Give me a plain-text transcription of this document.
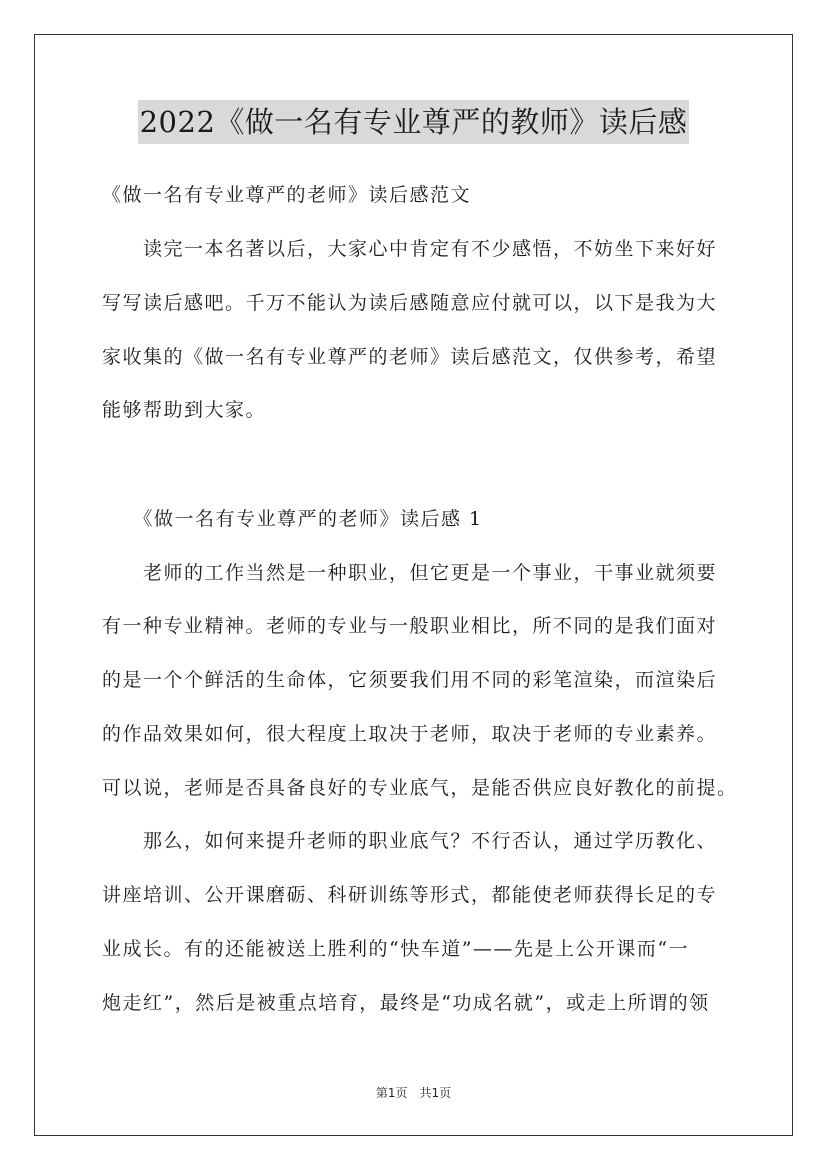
2022《做一名有专业尊严的教师》读后感
《做一名有专业尊严的老师》读后感范文
　　读完一本名著以后，大家心中肯定有不少感悟，不妨坐下来好好
写写读后感吧。千万不能认为读后感随意应付就可以，以下是我为大
家收集的《做一名有专业尊严的老师》读后感范文，仅供参考，希望
能够帮助到大家。
　　《做一名有专业尊严的老师》读后感 1
　　老师的工作当然是一种职业，但它更是一个事业，干事业就须要
有一种专业精神。老师的专业与一般职业相比，所不同的是我们面对
的是一个个鲜活的生命体，它须要我们用不同的彩笔渲染，而渲染后
的作品效果如何，很大程度上取决于老师，取决于老师的专业素养。
可以说，老师是否具备良好的专业底气，是能否供应良好教化的前提。
　　那么，如何来提升老师的职业底气？不行否认，通过学历教化、
讲座培训、公开课磨砺、科研训练等形式，都能使老师获得长足的专
业成长。有的还能被送上胜利的“快车道”——先是上公开课而“一
炮走红”，然后是被重点培育，最终是“功成名就”，或走上所谓的领
第1页　共1页
